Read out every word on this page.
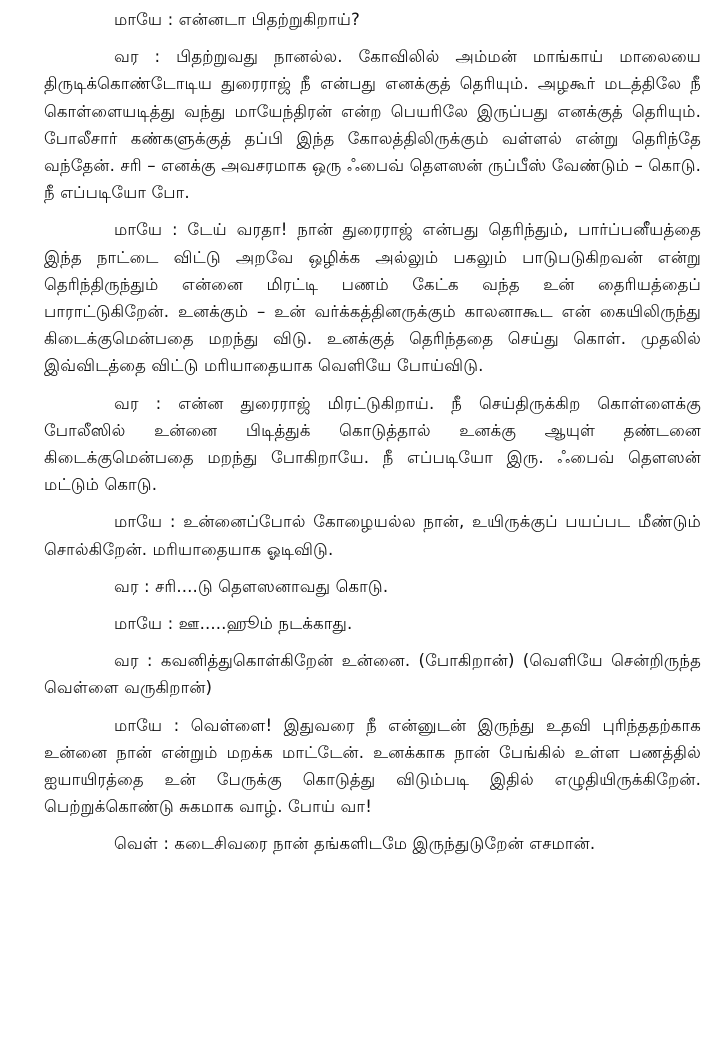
மாயே : என்னடா பிதற்றுகிறாய்?

வர : பிதற்றுவது நானல்ல. கோவிலில் அம்மன் மாங்காய் மாலையை திருடிக்கொண்டோடிய துரைராஜ் நீ என்பது எனக்குத் தெரியும். அழகூர் மடத்திலே நீ கொள்ளையடித்து வந்து மாயேந்திரன் என்ற பெயரிலே இருப்பது எனக்குத் தெரியும். போலீசார் கண்களுக்குத் தப்பி இந்த கோலத்திலிருக்கும் வள்ளல் என்று தெரிந்தே வந்தேன். சரி – எனக்கு அவசரமாக ஒரு ஃபைவ் தௌஸன் ருப்பீஸ் வேண்டும் – கொடு. நீ எப்படியோ போ.

மாயே : டேய் வரதா! நான் துரைராஜ் என்பது தெரிந்தும், பார்ப்பனீயத்தை இந்த நாட்டை விட்டு அறவே ஒழிக்க அல்லும் பகலும் பாடுபடுகிறவன் என்று தெரிந்திருந்தும் என்னை மிரட்டி பணம் கேட்க வந்த உன் தைரியத்தைப் பாராட்டுகிறேன். உனக்கும் – உன் வர்க்கத்தினருக்கும் காலனாகூட என் கையிலிருந்து கிடைக்குமென்பதை மறந்து விடு. உனக்குத் தெரிந்ததை செய்து கொள். முதலில் இவ்விடத்தை விட்டு மரியாதையாக வெளியே போய்விடு.

வர : என்ன துரைராஜ் மிரட்டுகிறாய். நீ செய்திருக்கிற கொள்ளைக்கு போலீஸில் உன்னை பிடித்துக் கொடுத்தால் உனக்கு ஆயுள் தண்டனை கிடைக்குமென்பதை மறந்து போகிறாயே. நீ எப்படியோ இரு. ஃபைவ் தௌஸன் மட்டும் கொடு.

மாயே : உன்னைப்போல் கோழையல்ல நான், உயிருக்குப் பயப்பட மீண்டும் சொல்கிறேன். மரியாதையாக ஓடிவிடு.

வர : சரி....டு தௌஸனாவது கொடு.

மாயே : ஊ.....ஹூம் நடக்காது.

வர : கவனித்துகொள்கிறேன் உன்னை. (போகிறான்) (வெளியே சென்றிருந்த வெள்ளை வருகிறான்)

மாயே : வெள்ளை! இதுவரை நீ என்னுடன் இருந்து உதவி புரிந்ததற்காக உன்னை நான் என்றும் மறக்க மாட்டேன். உனக்காக நான் பேங்கில் உள்ள பணத்தில் ஐயாயிரத்தை உன் பேருக்கு கொடுத்து விடும்படி இதில் எழுதியிருக்கிறேன். பெற்றுக்கொண்டு சுகமாக வாழ். போய் வா!

வெள் : கடைசிவரை நான் தங்களிடமே இருந்துடுறேன் எசமான்.
